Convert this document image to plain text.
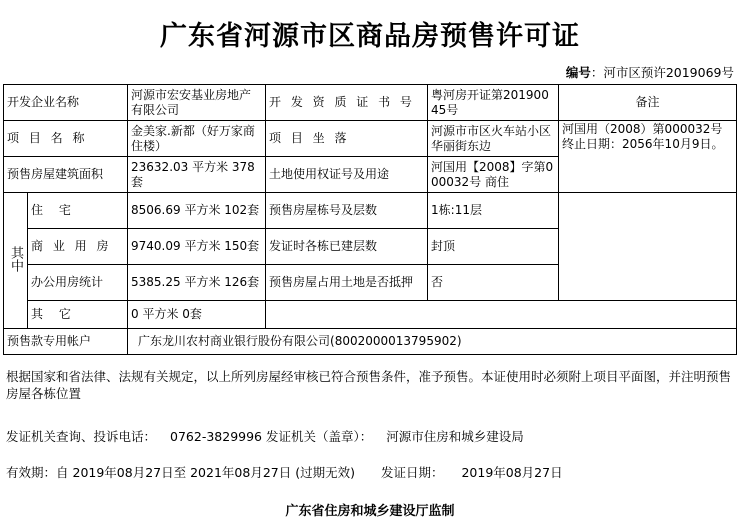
广东省河源市区商品房预售许可证
编号：河市区预许2019069号
开发企业名称		河源市宏安基业房地产有限公司	开 发 资 质 证 书 号	粤河房开证第20190045号	备注
项 目 名 称		金美家.新都（好万家商住楼）	项 目 坐 落	河源市市区火车站小区华丽街东边	河国用（2008）第000032号终止日期：2056年10月9日。
预售房屋建筑面积		23632.03 平方米 378套	土地使用权证号及用途	河国用【2008】字第000032号 商住	
其中	住 宅	8506.69 平方米 102套	预售房屋栋号及层数	1栋:11层	
	商 业 用 房	9740.09 平方米 150套	发证时各栋已建层数	封顶	
	办公用房统计	5385.25 平方米 126套	预售房屋占用土地是否抵押	否	
	其 它	0 平方米 0套			
预售款专用帐户		广东龙川农村商业银行股份有限公司(8002000013795902)			
根据国家和省法律、法规有关规定，以上所列房屋经审核已符合预售条件，准予预售。本证使用时必须附上项目平面图，并注明预售房屋各栋位置
发证机关查询、投诉电话： 0762-3829996 发证机关（盖章）： 河源市住房和城乡建设局
有效期：自 2019年08月27日至 2021年08月27日 (过期无效) 发证日期： 2019年08月27日
广东省住房和城乡建设厅监制
